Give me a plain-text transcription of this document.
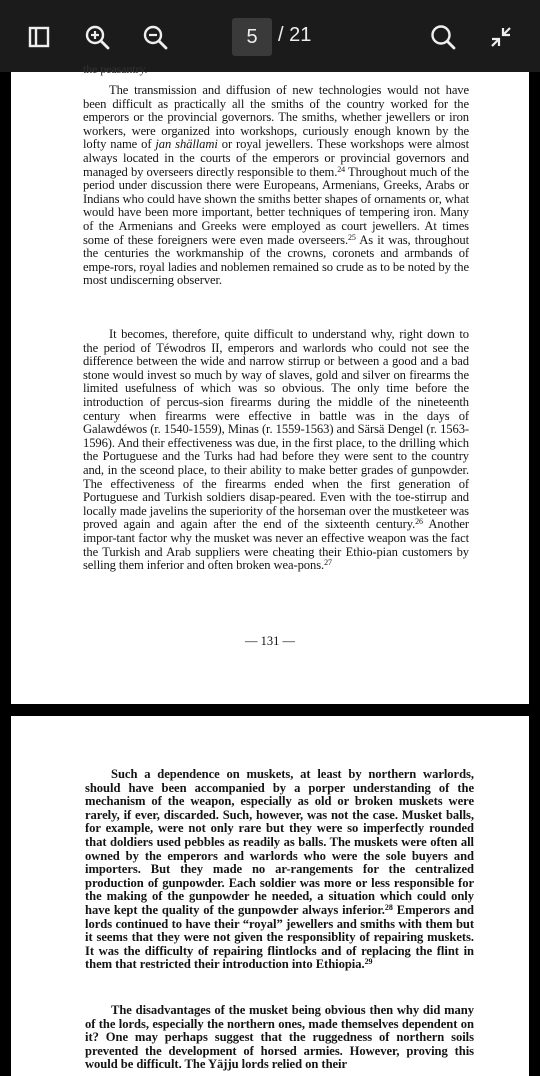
5	/ 21
the peasantry.
The transmission and diffusion of new technologies would not have been difficult as practically all the smiths of the country worked for the emperors or the provincial governors. The smiths, whether jewellers or iron workers, were organized into workshops, curiously enough known by the lofty name of jan shällami or royal jewellers. These workshops were almost always located in the courts of the emperors or provincial governors and managed by overseers directly responsible to them.$^{24}$ Throughout much of the period under discussion there were Europeans, Armenians, Greeks, Arabs or Indians who could have shown the smiths better shapes of ornaments or, what would have been more important, better techniques of tempering iron. Many of the Armenians and Greeks were employed as court jewellers. At times some of these foreigners were even made overseers.$^{25}$ As it was, throughout the centuries the workmanship of the crowns, coronets and armbands of empe-rors, royal ladies and noblemen remained so crude as to be noted by the most undiscerning observer.
It becomes, therefore, quite difficult to understand why, right down to the period of Téwodros II, emperors and warlords who could not see the difference between the wide and narrow stirrup or between a good and a bad stone would invest so much by way of slaves, gold and silver on firearms the limited usefulness of which was so obvious. The only time before the introduction of percus-sion firearms during the middle of the nineteenth century when firearms were effective in battle was in the days of Galawdéwos (r. 1540-1559), Minas (r. 1559-1563) and Särsä Dengel (r. 1563-1596). And their effectiveness was due, in the first place, to the drilling which the Portuguese and the Turks had had before they were sent to the country and, in the sceond place, to their ability to make better grades of gunpowder. The effectiveness of the firearms ended when the first generation of Portuguese and Turkish soldiers disap-peared. Even with the toe-stirrup and locally made javelins the superiority of the horseman over the mustketeer was proved again and again after the end of the sixteenth century.$^{26}$ Another impor-tant factor why the musket was never an effective weapon was the fact the Turkish and Arab suppliers were cheating their Ethio-pian customers by selling them inferior and often broken wea-pons.$^{27}$
— 131 —
Such a dependence on muskets, at least by northern warlords, should have been accompanied by a porper understanding of the mechanism of the weapon, especially as old or broken muskets were rarely, if ever, discarded. Such, however, was not the case. Musket balls, for example, were not only rare but they were so imperfectly rounded that doldiers used pebbles as readily as balls. The muskets were often all owned by the emperors and warlords who were the sole buyers and importers. But they made no ar-rangements for the centralized production of gunpowder. Each soldier was more or less responsible for the making of the gunpowder he needed, a situation which could only have kept the quality of the gunpowder always inferior.$^{28}$ Emperors and lords continued to have their “royal” jewellers and smiths with them but it seems that they were not given the responsiblity of repairing muskets. It was the difficulty of repairing flintlocks and of replacing the flint in them that restricted their introduction into Ethiopia.$^{29}$
The disadvantages of the musket being obvious then why did many of the lords, especially the northern ones, made themselves dependent on it? One may perhaps suggest that the ruggedness of northern soils prevented the development of horsed armies. However, proving this would be difficult. The Yäjju lords relied on their
